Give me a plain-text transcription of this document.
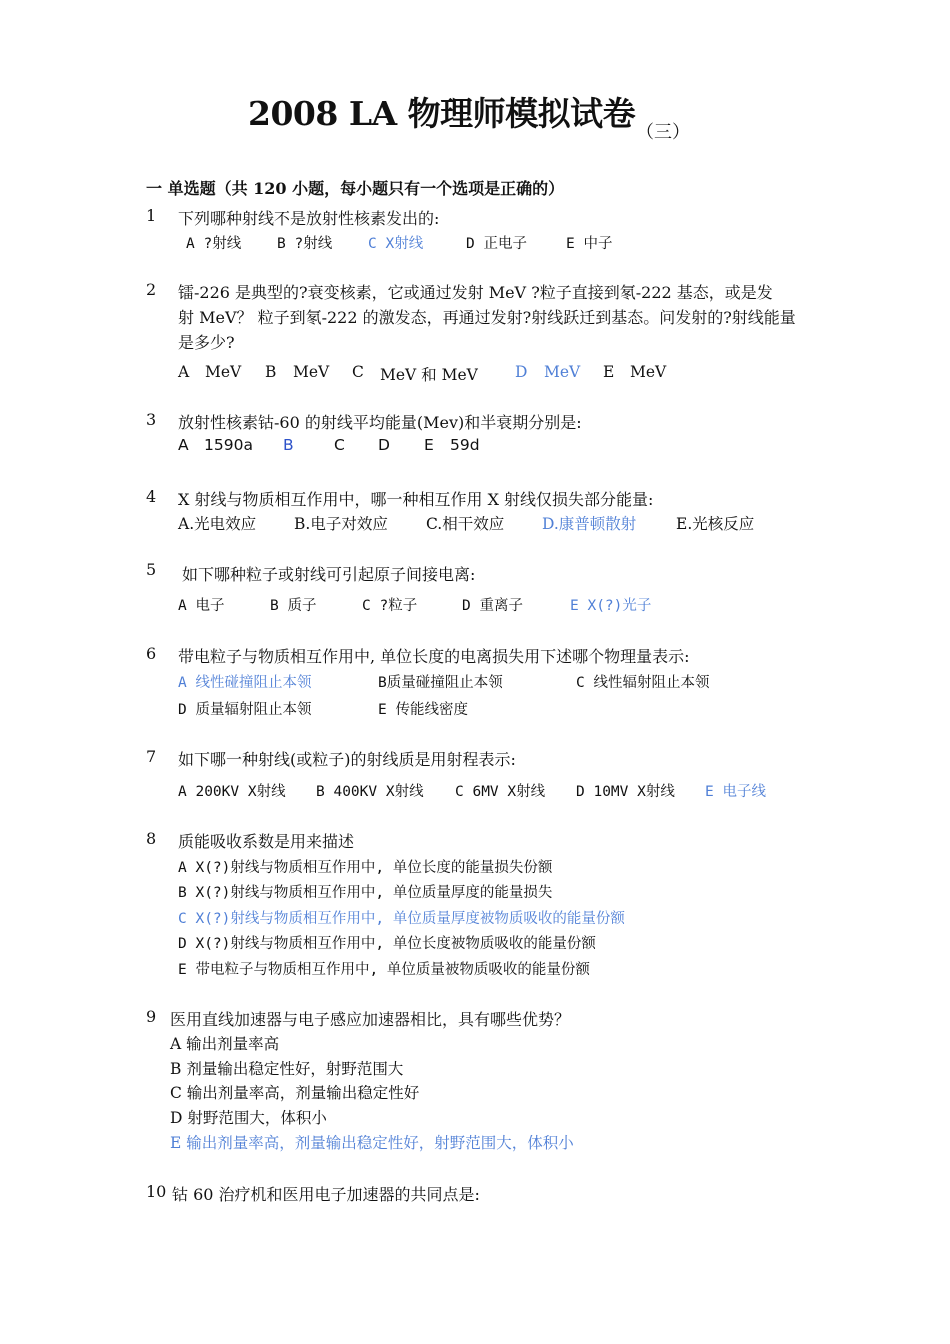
2008 LA 物理师模拟试卷 （三）
一 单选题（共 120 小题，每小题只有一个选项是正确的）
1 下列哪种射线不是放射性核素发出的:
A ?射线 B ?射线 C X射线	D 正电子	E 中子
2 镭-226 是典型的?衰变核素，它或通过发射 MeV ?粒子直接到氡-222 基态，或是发
射 MeV？ 粒子到氡-222 的激发态，再通过发射?射线跃迁到基态。问发射的?射线能量
是多少?
A MeV B MeV C MeV 和 MeV D MeV E MeV
3 放射性核素钴-60 的射线平均能量(Mev)和半衰期分别是:
A 1590a B	C D E 59d
4 X 射线与物质相互作用中，哪一种相互作用 X 射线仅损失部分能量:
A.光电效应 B.电子对效应 C.相干效应 D.康普顿散射	E.光核反应
5 如下哪种粒子或射线可引起原子间接电离:
A 电子	B 质子	C ?粒子	D 重离子	E X(?)光子
6 带电粒子与物质相互作用中, 单位长度的电离损失用下述哪个物理量表示:
A 线性碰撞阻止本领	B质量碰撞阻止本领	C 线性辐射阻止本领
D 质量辐射阻止本领	E 传能线密度
7 如下哪一种射线(或粒子)的射线质是用射程表示:
A 200KV X射线 B 400KV X射线 C 6MV X射线 D 10MV X射线 E 电子线
8 质能吸收系数是用来描述
A X(?)射线与物质相互作用中, 单位长度的能量损失份额
B X(?)射线与物质相互作用中, 单位质量厚度的能量损失
C X(?)射线与物质相互作用中, 单位质量厚度被物质吸收的能量份额
D X(?)射线与物质相互作用中, 单位长度被物质吸收的能量份额
E 带电粒子与物质相互作用中, 单位质量被物质吸收的能量份额
9 医用直线加速器与电子感应加速器相比，具有哪些优势？
A 输出剂量率高
B 剂量输出稳定性好，射野范围大
C 输出剂量率高，剂量输出稳定性好
D 射野范围大，体积小
E 输出剂量率高，剂量输出稳定性好，射野范围大，体积小
10 钴 60 治疗机和医用电子加速器的共同点是:
